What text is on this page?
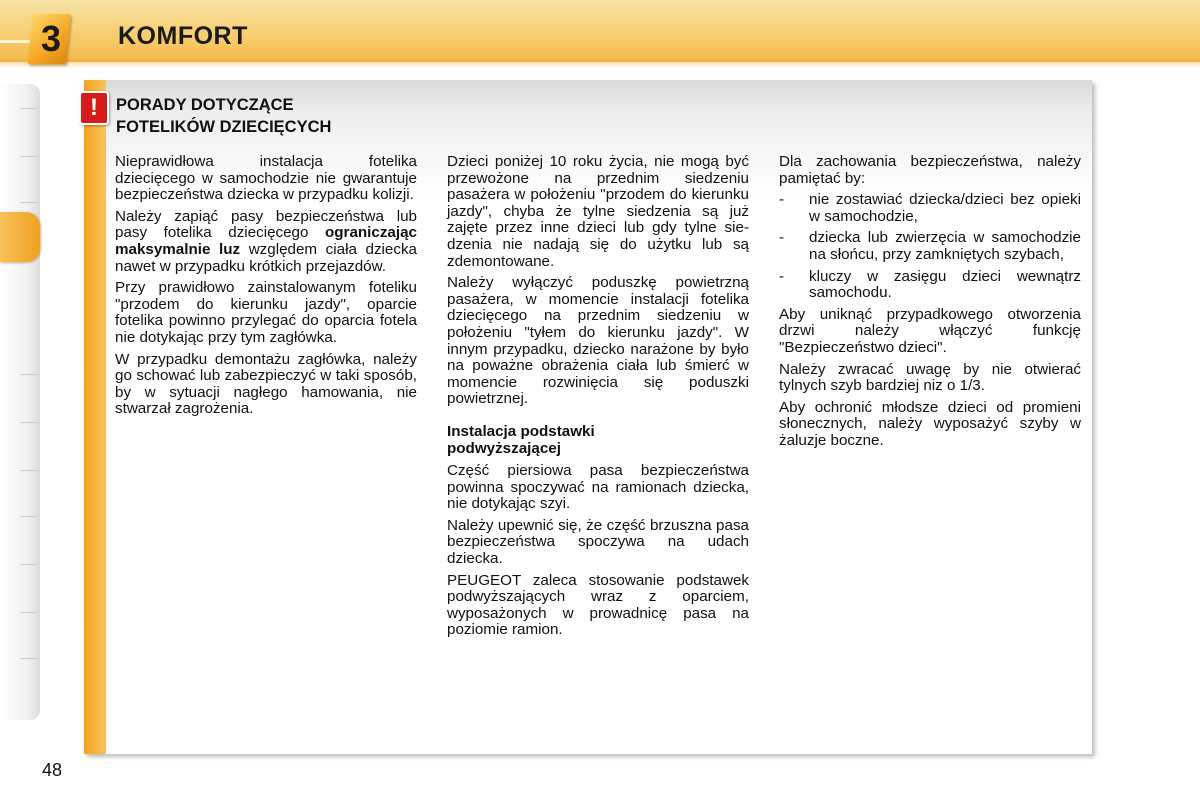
3 KOMFORT
!	PORADY DOTYCZĄCE
FOTELIKÓW DZIECIĘCYCH

Nieprawidłowa instalacja fotelika dziecięcego w samochodzie nie gwarantuje bezpieczeństwa dziecka w przypadku kolizji.

Należy zapiąć pasy bezpieczeństwa lub pasy fotelika dziecięcego ograniczając maksymalnie luz względem ciała dziecka nawet w przypadku krótkich przejazdów.

Przy prawidłowo zainstalowanym foteliku "przodem do kierunku jazdy", oparcie fotelika powinno przylegać do oparcia fotela nie dotykając przy tym zagłówka.

W przypadku demontażu zagłówka, należy go schować lub zabezpieczyć w taki sposób, by w sytuacji nagłego hamowania, nie stwarzał zagrożenia.

Dzieci poniżej 10 roku życia, nie mogą być przewożone na przednim siedzeniu pasażera w położeniu "przodem do kierunku jazdy", chyba że tylne siedzenia są już zajęte przez inne dzieci lub gdy tylne siedzenia nie nadają się do użytku lub są zdemontowane.

Należy wyłączyć poduszkę powietrzną pasażera, w momencie instalacji fotelika dziecięcego na przednim siedzeniu w położeniu "tyłem do kierunku jazdy". W innym przypadku, dziecko narażone by było na poważne obrażenia ciała lub śmierć w momencie rozwinięcia się poduszki powietrznej.

Instalacja podstawki
podwyższającej

Część piersiowa pasa bezpieczeństwa powinna spoczywać na ramionach dziecka, nie dotykając szyi.

Należy upewnić się, że część brzuszna pasa bezpieczeństwa spoczywa na udach dziecka.

PEUGEOT zaleca stosowanie podstawek podwyższających wraz z oparciem, wyposażonych w prowadnicę pasa na poziomie ramion.

Dla zachowania bezpieczeństwa, należy pamiętać by:

- nie zostawiać dziecka/dzieci bez opieki w samochodzie,
- dziecka lub zwierzęcia w samochodzie na słońcu, przy zamkniętych szybach,
- kluczy w zasięgu dzieci wewnątrz samochodu.

Aby uniknąć przypadkowego otworzenia drzwi należy włączyć funkcję "Bezpieczeństwo dzieci".

Należy zwracać uwagę by nie otwierać tylnych szyb bardziej niz o 1/3.

Aby ochronić młodsze dzieci od promieni słonecznych, należy wyposażyć szyby w żaluzje boczne.

48
